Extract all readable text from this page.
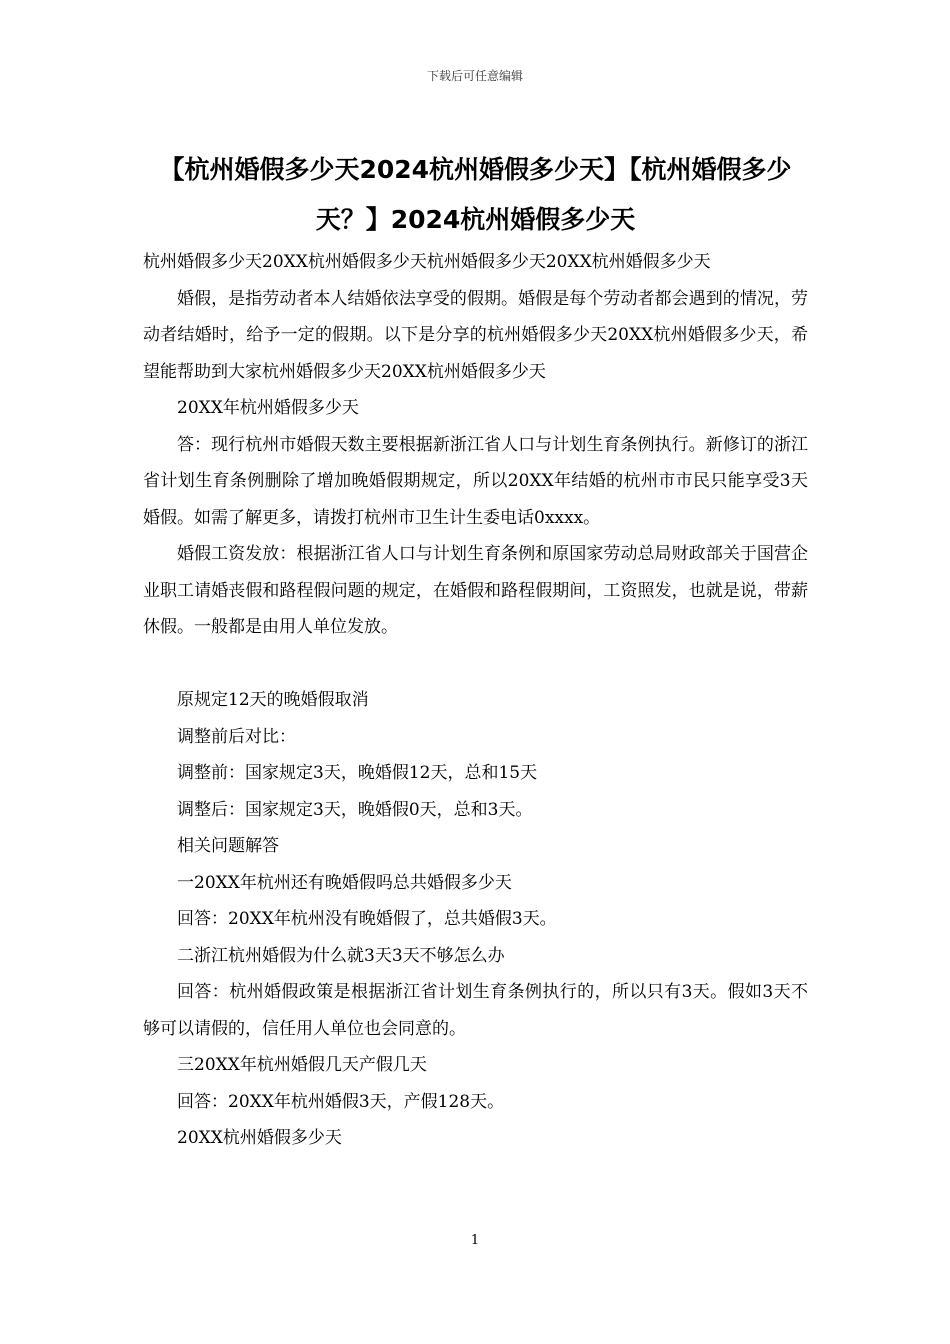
下载后可任意编辑
【杭州婚假多少天2024杭州婚假多少天】【杭州婚假多少天？】2024杭州婚假多少天

杭州婚假多少天20XX杭州婚假多少天杭州婚假多少天20XX杭州婚假多少天

婚假，是指劳动者本人结婚依法享受的假期。婚假是每个劳动者都会遇到的情况，劳动者结婚时，给予一定的假期。以下是分享的杭州婚假多少天20XX杭州婚假多少天，希望能帮助到大家杭州婚假多少天20XX杭州婚假多少天

20XX年杭州婚假多少天

答：现行杭州市婚假天数主要根据新浙江省人口与计划生育条例执行。新修订的浙江省计划生育条例删除了增加晚婚假期规定，所以20XX年结婚的杭州市市民只能享受3天婚假。如需了解更多，请拨打杭州市卫生计生委电话0xxxx。

婚假工资发放：根据浙江省人口与计划生育条例和原国家劳动总局财政部关于国营企业职工请婚丧假和路程假问题的规定，在婚假和路程假期间，工资照发，也就是说，带薪休假。一般都是由用人单位发放。

原规定12天的晚婚假取消

调整前后对比：

调整前：国家规定3天，晚婚假12天，总和15天

调整后：国家规定3天，晚婚假0天，总和3天。

相关问题解答

一20XX年杭州还有晚婚假吗总共婚假多少天

回答：20XX年杭州没有晚婚假了，总共婚假3天。

二浙江杭州婚假为什么就3天3天不够怎么办

回答：杭州婚假政策是根据浙江省计划生育条例执行的，所以只有3天。假如3天不够可以请假的，信任用人单位也会同意的。

三20XX年杭州婚假几天产假几天

回答：20XX年杭州婚假3天，产假128天。

20XX杭州婚假多少天

1
